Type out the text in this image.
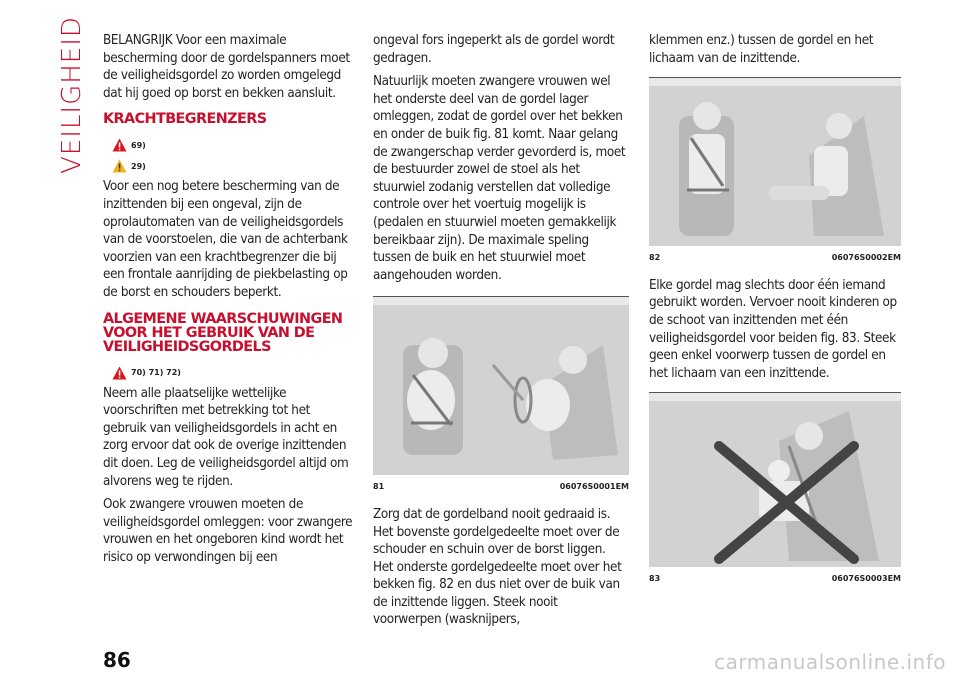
VEILIGHEID BELANGRIJK Voor een maximale bescherming door de gordelspanners moet de veiligheidsgordel zo worden omgelegd dat hij goed op borst en bekken aansluit.

KRACHTBEGRENZERS
69)
29)

Voor een nog betere bescherming van de inzittenden bij een ongeval, zijn de oprolautomaten van de veiligheidsgordels van de voorstoelen, die van de achterbank voorzien van een krachtbegrenzer die bij een frontale aanrijding de piekbelasting op de borst en schouders beperkt.

ALGEMENE WAARSCHUWINGEN VOOR HET GEBRUIK VAN DE VEILIGHEIDSGORDELS
70) 71) 72)

Neem alle plaatselijke wettelijke voorschriften met betrekking tot het gebruik van veiligheidsgordels in acht en zorg ervoor dat ook de overige inzittenden dit doen. Leg de veiligheidsgordel altijd om alvorens weg te rijden.

Ook zwangere vrouwen moeten de veiligheidsgordel omleggen: voor zwangere vrouwen en het ongeboren kind wordt het risico op verwondingen bij een

ongeval fors ingeperkt als de gordel wordt gedragen.

Natuurlijk moeten zwangere vrouwen wel het onderste deel van de gordel lager omleggen, zodat de gordel over het bekken en onder de buik fig. 81 komt. Naar gelang de zwangerschap verder gevorderd is, moet de bestuurder zowel de stoel als het stuurwiel zodanig verstellen dat volledige controle over het voertuig mogelijk is (pedalen en stuurwiel moeten gemakkelijk bereikbaar zijn). De maximale speling tussen de buik en het stuurwiel moet aangehouden worden.

81	06076S0001EM

Zorg dat de gordelband nooit gedraaid is. Het bovenste gordelgedeelte moet over de schouder en schuin over de borst liggen. Het onderste gordelgedeelte moet over het bekken fig. 82 en dus niet over de buik van de inzittende liggen. Steek nooit voorwerpen (wasknijpers,

klemmen enz.) tussen de gordel en het lichaam van de inzittende.

82	06076S0002EM

Elke gordel mag slechts door één iemand gebruikt worden. Vervoer nooit kinderen op de schoot van inzittenden met één veiligheidsgordel voor beiden fig. 83. Steek geen enkel voorwerp tussen de gordel en het lichaam van een inzittende.

83	06076S0003EM
86	carmanualsonline.info
